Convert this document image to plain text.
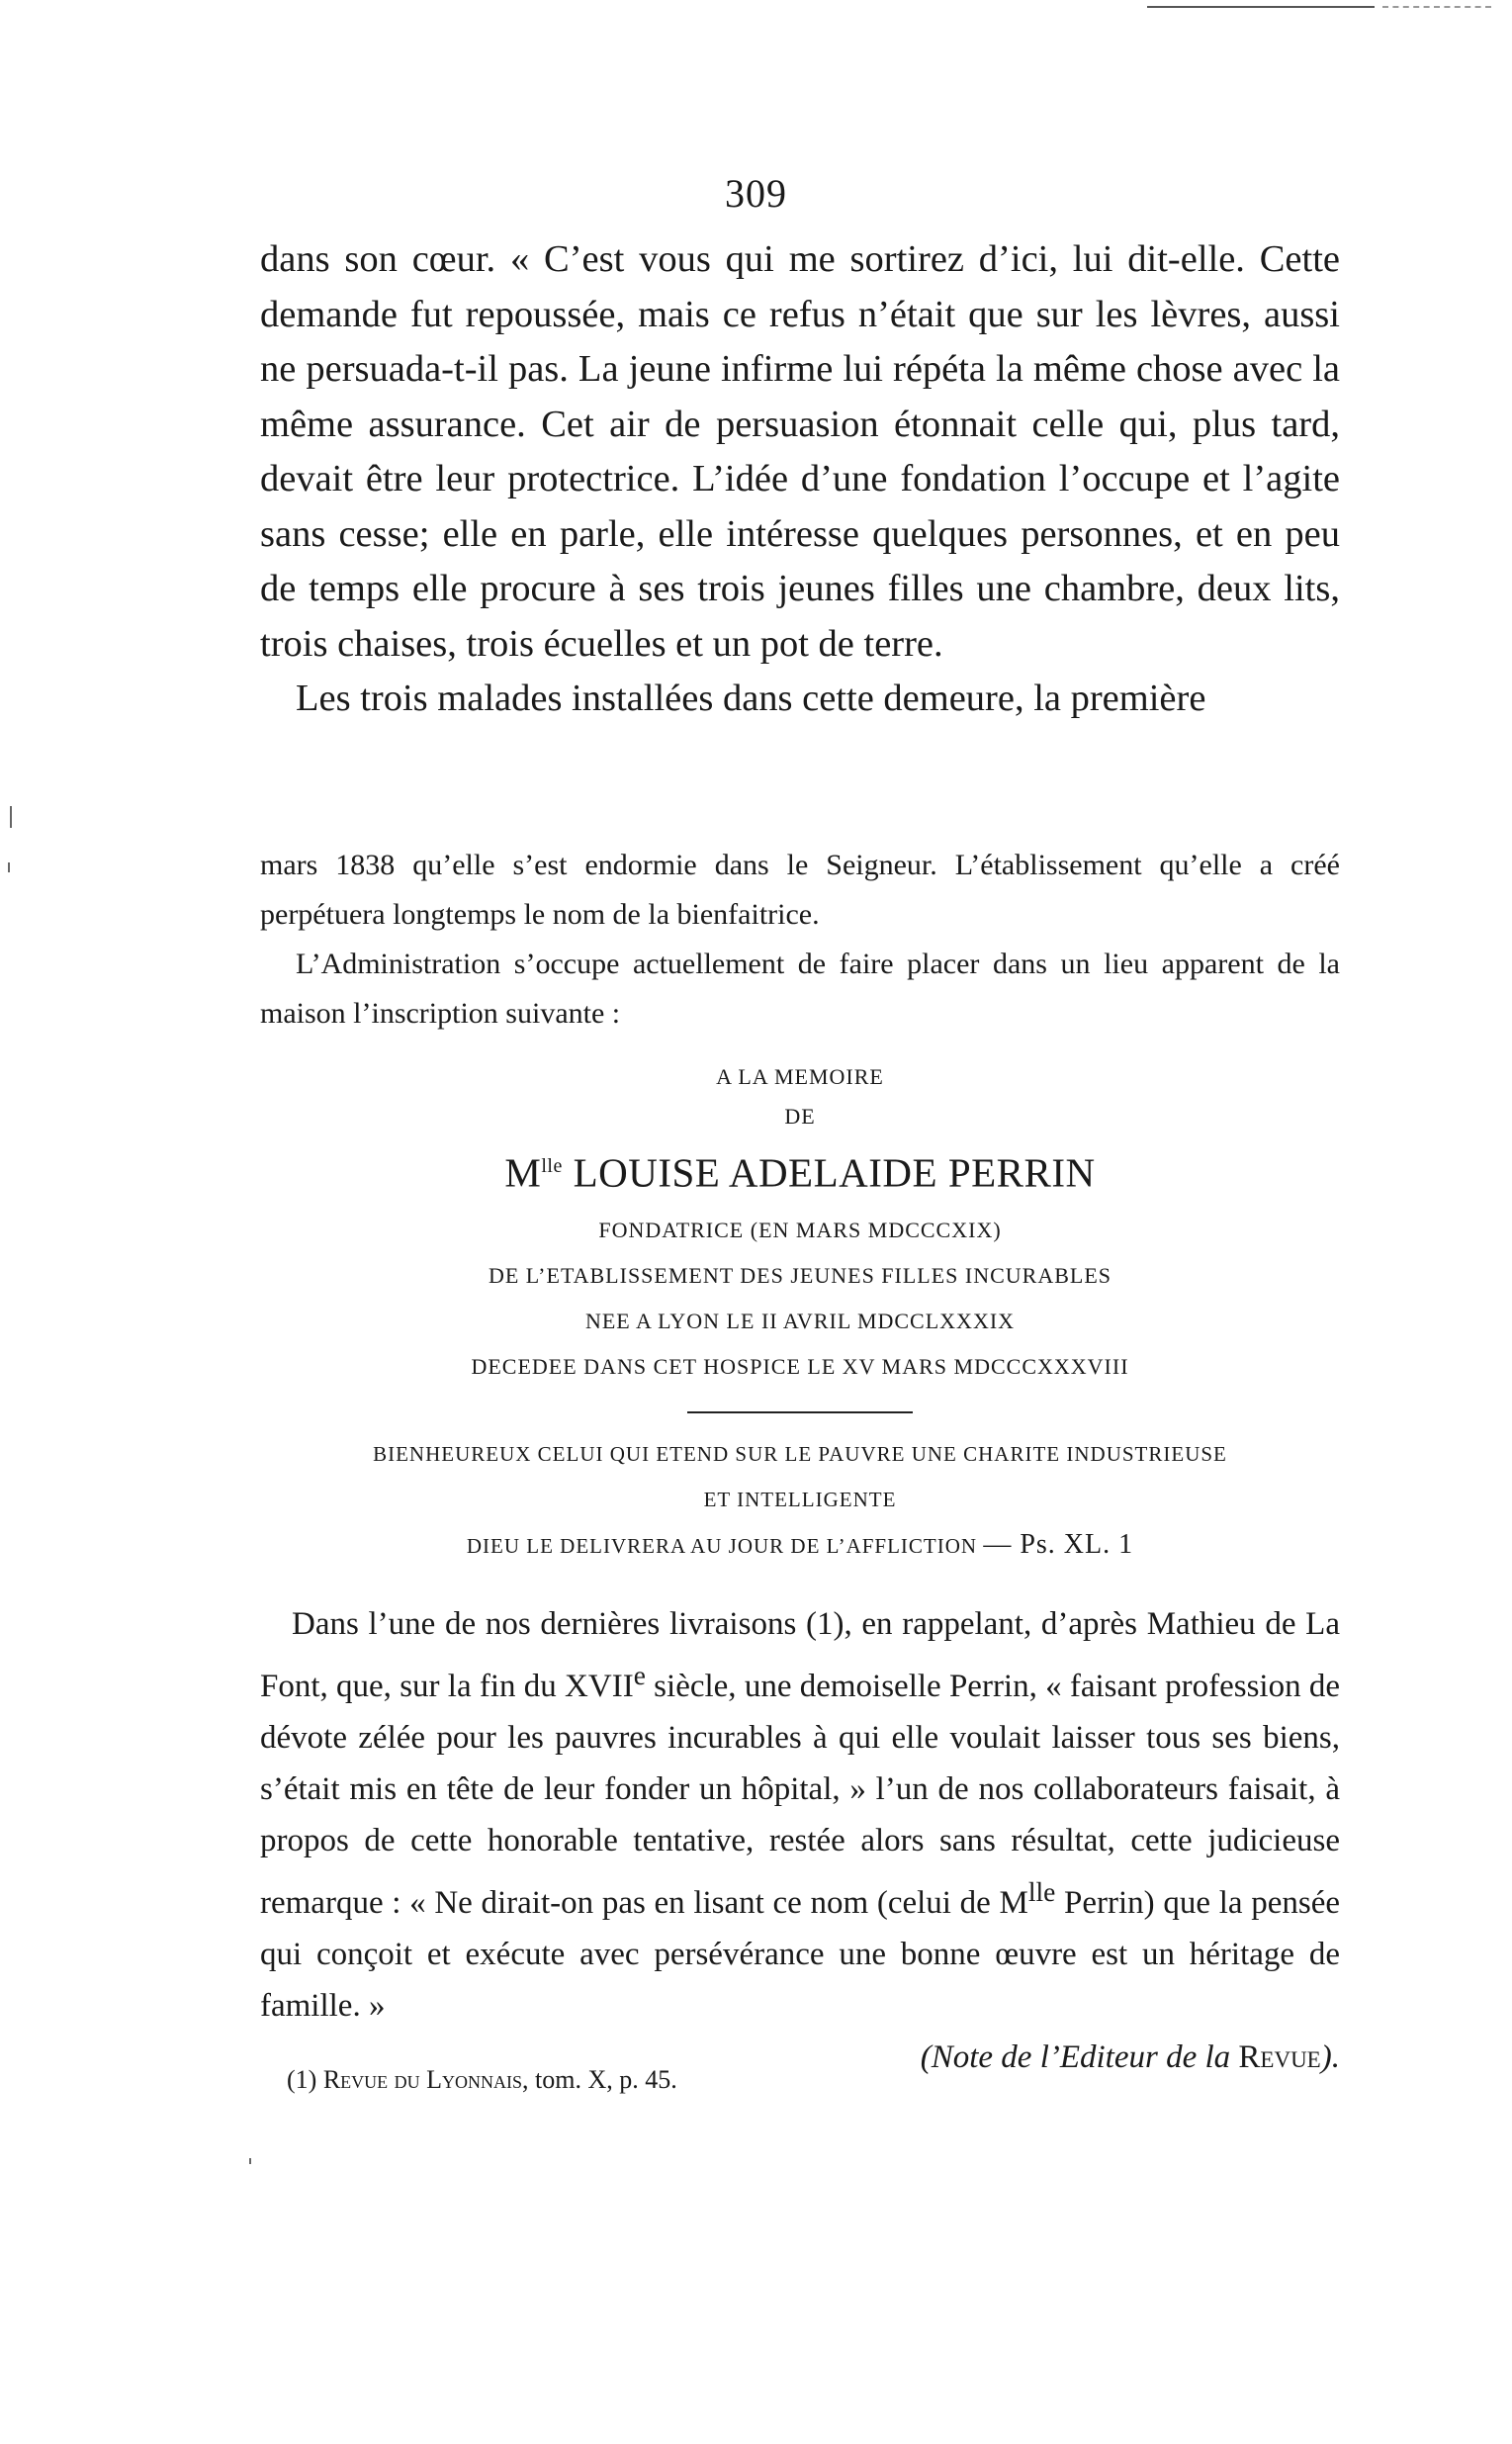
309

dans son cœur. « C’est vous qui me sortirez d’ici, lui dit-elle. Cette demande fut repoussée, mais ce refus n’était que sur les lèvres, aussi ne persuada-t-il pas. La jeune infirme lui répéta la même chose avec la même assurance. Cet air de persuasion étonnait celle qui, plus tard, devait être leur protectrice. L’idée d’une fondation l’occupe et l’agite sans cesse; elle en parle, elle intéresse quelques personnes, et en peu de temps elle procure à ses trois jeunes filles une chambre, deux lits, trois chaises, trois écuelles et un pot de terre.

Les trois malades installées dans cette demeure, la première

mars 1838 qu’elle s’est endormie dans le Seigneur. L’établissement qu’elle a créé perpétuera longtemps le nom de la bienfaitrice.

L’Administration s’occupe actuellement de faire placer dans un lieu apparent de la maison l’inscription suivante :

A LA MEMOIRE
DE
$M^{lle}$ LOUISE ADELAIDE PERRIN
FONDATRICE (EN MARS MDCCCXIX)
DE L’ETABLISSEMENT DES JEUNES FILLES INCURABLES
NEE A LYON LE II AVRIL MDCCLXXXIX
DECEDEE DANS CET HOSPICE LE XV MARS MDCCCXXXVIII
BIENHEUREUX CELUI QUI ETEND SUR LE PAUVRE UNE CHARITE INDUSTRIEUSE
ET INTELLIGENTE
DIEU LE DELIVRERA AU JOUR DE L’AFFLICTION — Ps. XL. 1

Dans l’une de nos dernières livraisons (1), en rappelant, d’après Mathieu de La Font, que, sur la fin du XVIIe siècle, une demoiselle Perrin, « faisant profession de dévote zélée pour les pauvres incurables à qui elle voulait laisser tous ses biens, s’était mis en tête de leur fonder un hôpital, » l’un de nos collaborateurs faisait, à propos de cette honorable tentative, restée alors sans résultat, cette judicieuse remarque : « Ne dirait-on pas en lisant ce nom (celui de $M^{lle}$ Perrin) que la pensée qui conçoit et exécute avec persévérance une bonne œuvre est un héritage de famille. »

(Note de l’Editeur de la Revue).

(1) Revue du Lyonnais, tom. X, p. 45.
